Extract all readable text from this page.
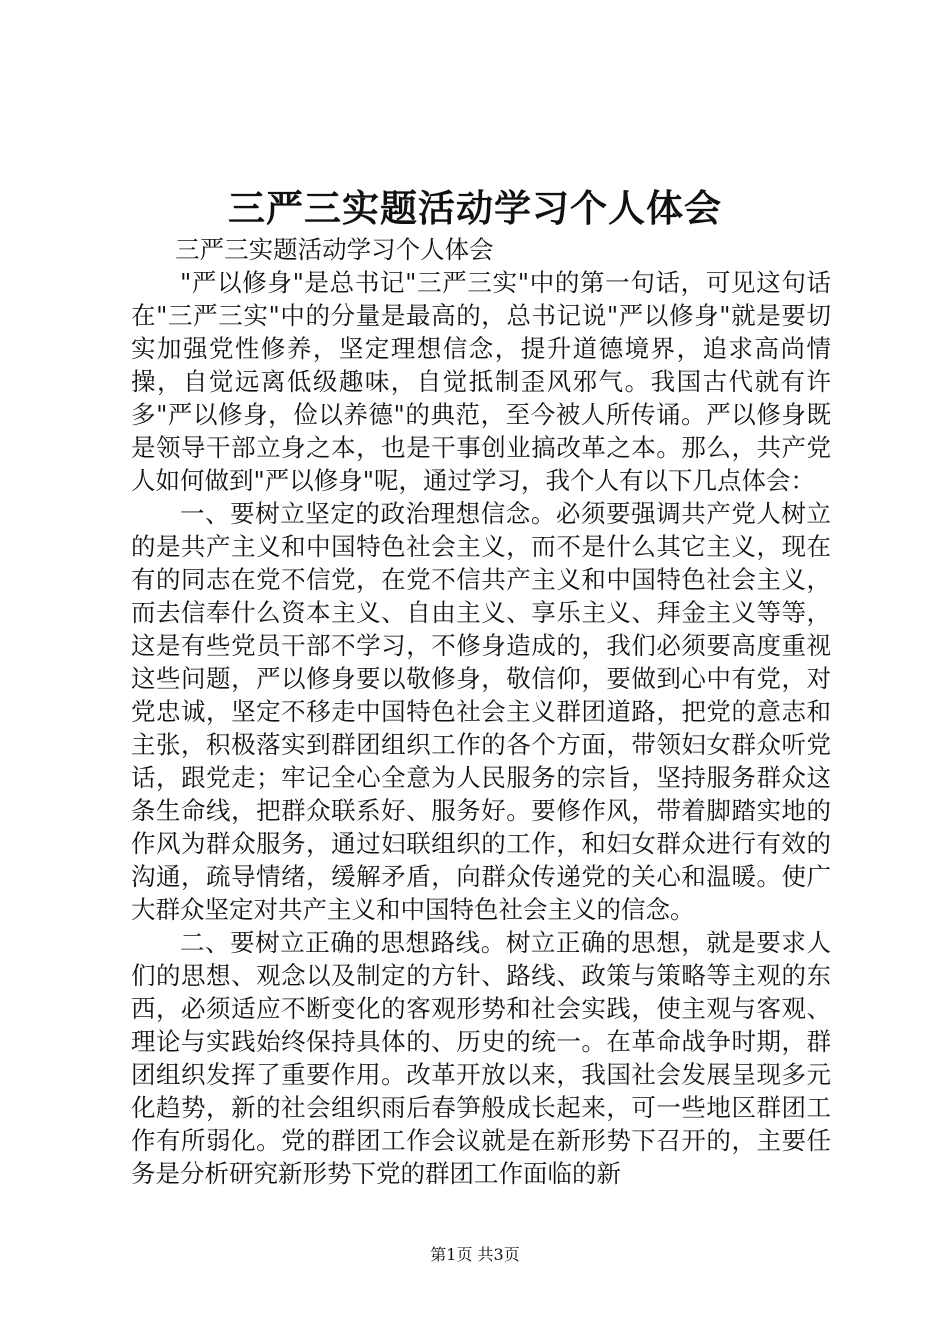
三严三实题活动学习个人体会

三严三实题活动学习个人体会

"严以修身"是总书记"三严三实"中的第一句话，可见这句话在"三严三实"中的分量是最高的，总书记说"严以修身"就是要切实加强党性修养，坚定理想信念，提升道德境界，追求高尚情操，自觉远离低级趣味，自觉抵制歪风邪气。我国古代就有许多"严以修身，俭以养德"的典范，至今被人所传诵。严以修身既是领导干部立身之本，也是干事创业搞改革之本。那么，共产党人如何做到"严以修身"呢，通过学习，我个人有以下几点体会：

一、要树立坚定的政治理想信念。必须要强调共产党人树立的是共产主义和中国特色社会主义，而不是什么其它主义，现在有的同志在党不信党，在党不信共产主义和中国特色社会主义，而去信奉什么资本主义、自由主义、享乐主义、拜金主义等等，这是有些党员干部不学习，不修身造成的，我们必须要高度重视这些问题，严以修身要以敬修身，敬信仰，要做到心中有党，对党忠诚，坚定不移走中国特色社会主义群团道路，把党的意志和主张，积极落实到群团组织工作的各个方面，带领妇女群众听党话，跟党走；牢记全心全意为人民服务的宗旨，坚持服务群众这条生命线，把群众联系好、服务好。要修作风，带着脚踏实地的作风为群众服务，通过妇联组织的工作，和妇女群众进行有效的沟通，疏导情绪，缓解矛盾，向群众传递党的关心和温暖。使广大群众坚定对共产主义和中国特色社会主义的信念。

二、要树立正确的思想路线。树立正确的思想，就是要求人们的思想、观念以及制定的方针、路线、政策与策略等主观的东西，必须适应不断变化的客观形势和社会实践，使主观与客观、理论与实践始终保持具体的、历史的统一。在革命战争时期，群团组织发挥了重要作用。改革开放以来，我国社会发展呈现多元化趋势，新的社会组织雨后春笋般成长起来，可一些地区群团工作有所弱化。党的群团工作会议就是在新形势下召开的，主要任务是分析研究新形势下党的群团工作面临的新

第1页 共3页
